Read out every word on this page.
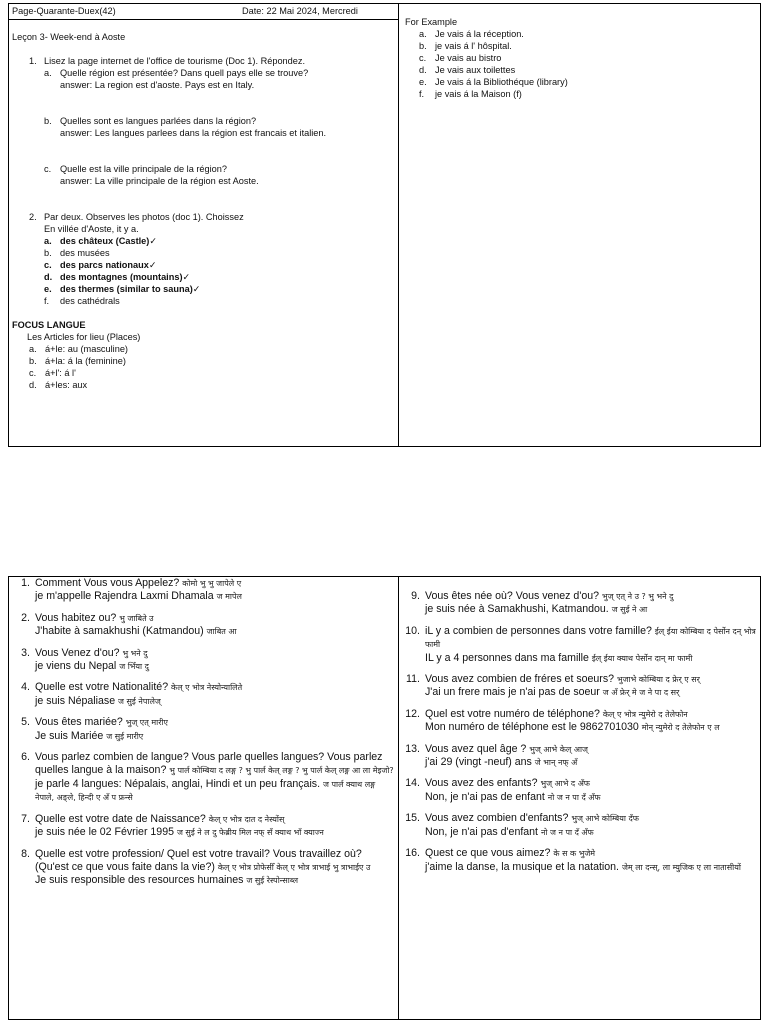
Page-Quarante-Duex(42)	Date: 22 Mai 2024, Mercredi
Leçon 3- Week-end à Aoste
1. Lisez la page internet de l'office de tourisme (Doc 1). Répondez.
a. Quelle région est présentée? Dans quell pays elle se trouve?
answer: La region est d'aoste. Pays est en Italy.
b. Quelles sont es langues parlées dans la région?
answer: Les langues parlees dans la région est francais et italien.
c. Quelle est la ville principale de la région?
answer: La ville principale de la région est Aoste.
2. Par deux. Observes les photos (doc 1). Choissez
En villée d'Aoste, it y a.
a. des châteux (Castle)✓
b. des musées
c. des parcs nationaux✓
d. des montagnes (mountains)✓
e. des thermes (similar to sauna)✓
f. des cathédrals
FOCUS LANGUE
Les Articles for lieu (Places)
a. á+le: au (masculine)
b. á+la: á la (feminine)
c. á+l': á l'
d. á+les: aux
For Example
a. Je vais á la réception.
b. je vais á l' hôspital.
c. Je vais au bistro
d. Je vais aux toilettes
e. Je vais á la Bibliothéque (library)
f. je vais á la Maison (f)
1. Comment Vous vous Appelez? कोमो भु भु जापेले ए
je m'appelle Rajendra Laxmi Dhamala ज मापेल
2. Vous habitez ou? भु जाबिते उ
J'habite à samakhushi (Katmandou) जाबित आ
3. Vous Venez d'ou? भु भने दु
je viens du Nepal ज भिँया दु
4. Quelle est votre Nationalité? केल् ए भोत्र नेस्योन्यालिते
je suis Népaliase ज सुई नेपालेज्
5. Vous êtes mariée? भुज् एत् मारीए
Je suis Mariée ज सुई मारीए
6. Vous parlez combien de langue? Vous parle quelles langues? Vous parlez quelles langue à la maison? भु पार्ल कोम्बिया द लङ्ग ? भु पार्ल केल् लङ्ग ? भु पार्ल केल् लङ्ग आ ला मेइजो?
je parle 4 langues: Népalais, anglai, Hindi et un peu français. ज पार्ल क्याथ लङ्ग नेपाले, अङ्ले, हिन्दी ए अँ प फ्रन्से
7. Quelle est votre date de Naissance? केल् ए भोत्र दात द नेस्योंस्
je suis née le 02 Février 1995 ज सुई ने ल दु फेब्रीय मिल नफ् सँ क्याथ भाँ क्याज्न
8. Quelle est votre profession/ Quel est votre travail? Vous travaillez où?(Qu'est ce que vous faite dans la vie?) केल् ए भोत्र प्रोफेसीँ केल् ए भोत्र त्राभाई भु त्राभाईए उ
Je suis responsible des resources humaines ज सुई रेस्पोन्साब्ल
9. Vous êtes née où? Vous venez d'ou? भुज् एत् ने उ ? भु भने दु
je suis née à Samakhushi, Katmandou. ज सुई ने आ
10. iL y a combien de personnes dans votre famille? ईल् ईया कोम्बिया द पेर्सोन दन् भोत्र फामी
IL y a 4 personnes dans ma famille ईल् ईया क्याथ पेर्सोन दान् मा फामी
11. Vous avez combien de fréres et soeurs? भुजाभे कोम्बिया द फ्रेर् ए सर्
J'ai un frere mais je n'ai pas de soeur ज अँ फ्रेर् मे ज ने पा द सर्
12. Quel est votre numéro de téléphone? केल् ए भोत्र न्युमेरो द तेलेफोन
Mon numéro de téléphone est le 9862701030 मोन् न्युमेरो द तेलेफोन ए ल
13. Vous avez quel âge ? भुज् आभे केल् आज्
j'ai 29 (vingt -neuf) ans जे भान् नफ् अँ
14. Vous avez des enfants? भुज् आभे द अँफ
Non, je n'ai pas de enfant नो ज न पा दँ अँफ
15. Vous avez combien d'enfants? भुज् आभे कोम्बिया दँफ
Non, je n'ai pas d'enfant नो ज न पा दँ अँफ
16. Quest ce que vous aimez? के स क भुजेमे
j'aime la danse, la musique et la natation. जेम् ला दन्स्, ला म्युजिक ए ला नातासीयों
